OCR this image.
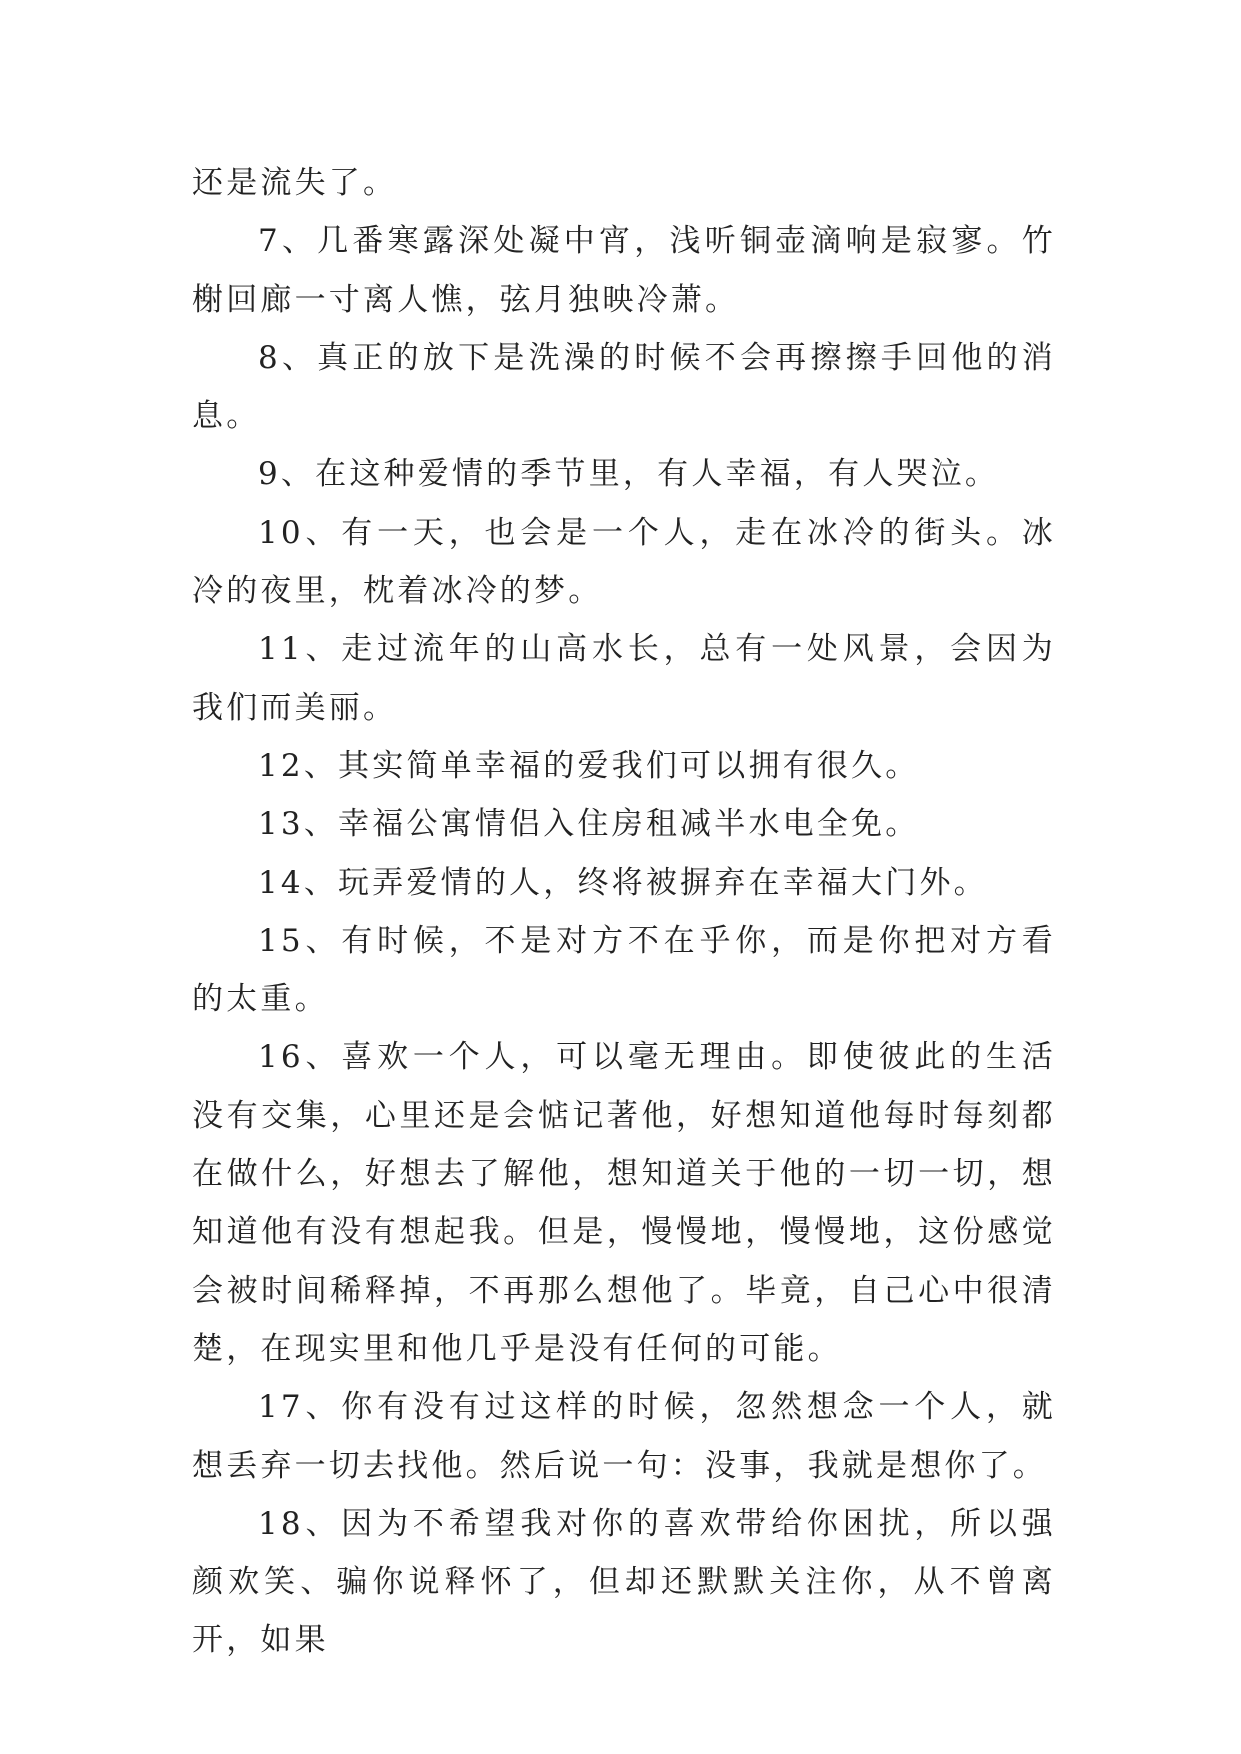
还是流失了。

7、几番寒露深处凝中宵，浅听铜壶滴响是寂寥。竹榭回廊一寸离人憔，弦月独映冷萧。

8、真正的放下是洗澡的时候不会再擦擦手回他的消息。

9、在这种爱情的季节里，有人幸福，有人哭泣。

10、有一天，也会是一个人，走在冰冷的街头。冰冷的夜里，枕着冰冷的梦。

11、走过流年的山高水长，总有一处风景，会因为我们而美丽。

12、其实简单幸福的爱我们可以拥有很久。

13、幸福公寓情侣入住房租减半水电全免。

14、玩弄爱情的人，终将被摒弃在幸福大门外。

15、有时候，不是对方不在乎你，而是你把对方看的太重。

16、喜欢一个人，可以毫无理由。即使彼此的生活没有交集，心里还是会惦记著他，好想知道他每时每刻都在做什么，好想去了解他，想知道关于他的一切一切，想知道他有没有想起我。但是，慢慢地，慢慢地，这份感觉会被时间稀释掉，不再那么想他了。毕竟，自己心中很清楚，在现实里和他几乎是没有任何的可能。

17、你有没有过这样的时候，忽然想念一个人，就想丢弃一切去找他。然后说一句：没事，我就是想你了。

18、因为不希望我对你的喜欢带给你困扰，所以强颜欢笑、骗你说释怀了，但却还默默关注你，从不曾离开，如果
